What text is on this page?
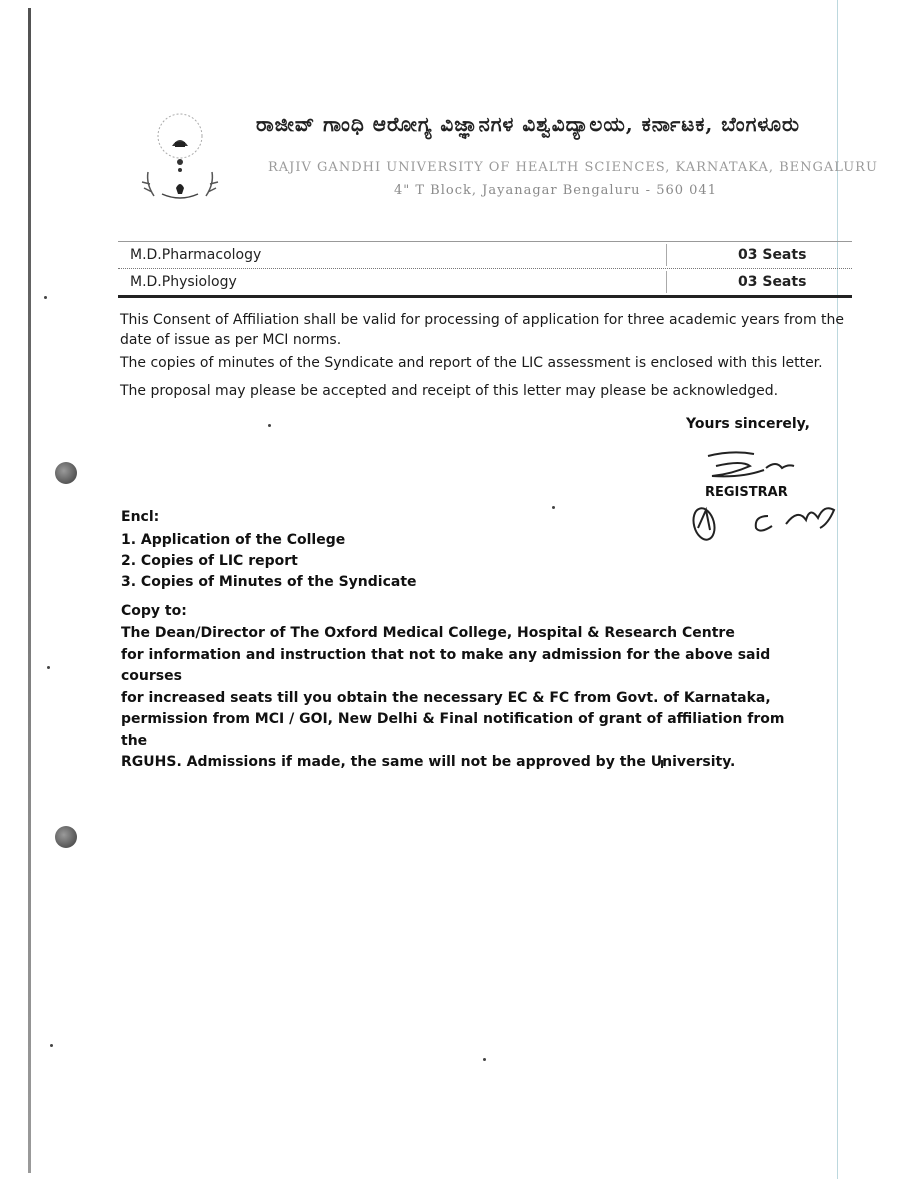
ರಾಜೀವ್ ಗಾಂಧಿ ಆರೋಗ್ಯ ವಿಜ್ಞಾನಗಳ ವಿಶ್ವವಿದ್ಯಾಲಯ, ಕರ್ನಾಟಕ, ಬೆಂಗಳೂರು
RAJIV GANDHI UNIVERSITY OF HEALTH SCIENCES, KARNATAKA, BENGALURU
4" T Block, Jayanagar Bengaluru - 560 041
M.D.Pharmacology	03 Seats
M.D.Physiology	03 Seats
This Consent of Affiliation shall be valid for processing of application for three academic years from the date of issue as per MCI norms.
The copies of minutes of the Syndicate and report of the LIC assessment is enclosed with this letter.
The proposal may please be accepted and receipt of this letter may please be acknowledged.
Yours sincerely,
REGISTRAR
Encl:
1. Application of the College
2. Copies of LIC report
3. Copies of Minutes of the Syndicate
Copy to:
The Dean/Director of The Oxford Medical College, Hospital & Research Centre
for information and instruction that not to make any admission for the above said courses
for increased seats till you obtain the necessary EC & FC from Govt. of Karnataka,
permission from MCI / GOI, New Delhi & Final notification of grant of affiliation from the
RGUHS. Admissions if made, the same will not be approved by the University.
